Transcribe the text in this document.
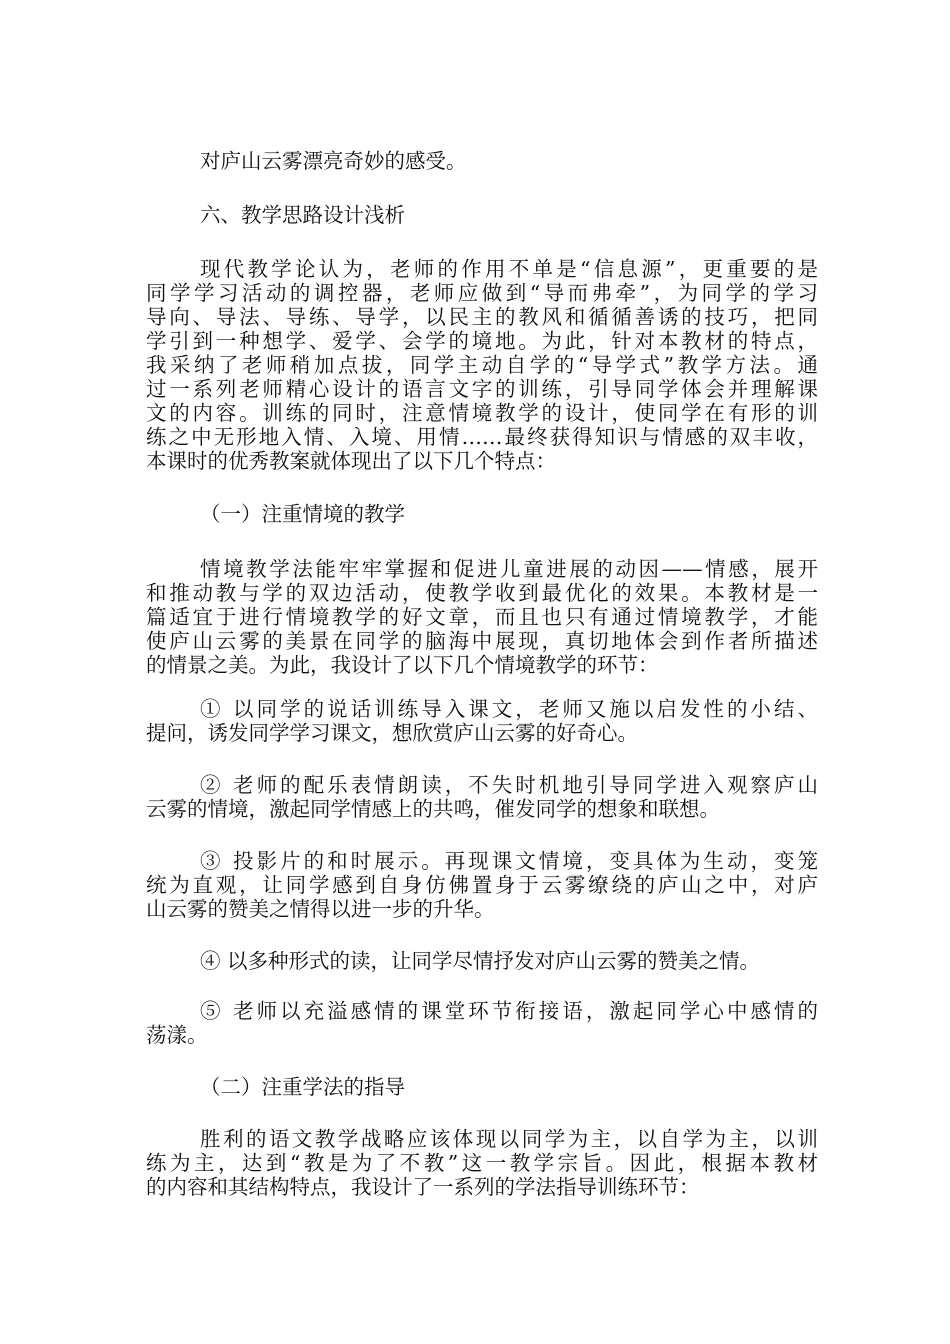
对庐山云雾漂亮奇妙的感受。
六、教学思路设计浅析
现代教学论认为，老师的作用不单是“信息源”，更重要的是
同学学习活动的调控器，老师应做到“导而弗牵”，为同学的学习
导向、导法、导练、导学，以民主的教风和循循善诱的技巧，把同
学引到一种想学、爱学、会学的境地。为此，针对本教材的特点，
我采纳了老师稍加点拔，同学主动自学的“导学式”教学方法。通
过一系列老师精心设计的语言文字的训练，引导同学体会并理解课
文的内容。训练的同时，注意情境教学的设计，使同学在有形的训
练之中无形地入情、入境、用情……最终获得知识与情感的双丰收，
本课时的优秀教案就体现出了以下几个特点：
（一）注重情境的教学
情境教学法能牢牢掌握和促进儿童进展的动因——情感，展开
和推动教与学的双边活动，使教学收到最优化的效果。本教材是一
篇适宜于进行情境教学的好文章，而且也只有通过情境教学，才能
使庐山云雾的美景在同学的脑海中展现，真切地体会到作者所描述
的情景之美。为此，我设计了以下几个情境教学的环节：
① 以同学的说话训练导入课文，老师又施以启发性的小结、
提问，诱发同学学习课文，想欣赏庐山云雾的好奇心。
② 老师的配乐表情朗读，不失时机地引导同学进入观察庐山
云雾的情境，激起同学情感上的共鸣，催发同学的想象和联想。
③ 投影片的和时展示。再现课文情境，变具体为生动，变笼
统为直观，让同学感到自身仿佛置身于云雾缭绕的庐山之中，对庐
山云雾的赞美之情得以进一步的升华。
④ 以多种形式的读，让同学尽情抒发对庐山云雾的赞美之情。
⑤ 老师以充溢感情的课堂环节衔接语，激起同学心中感情的
荡漾。
（二）注重学法的指导
胜利的语文教学战略应该体现以同学为主，以自学为主，以训
练为主，达到“教是为了不教”这一教学宗旨。因此，根据本教材
的内容和其结构特点，我设计了一系列的学法指导训练环节：
